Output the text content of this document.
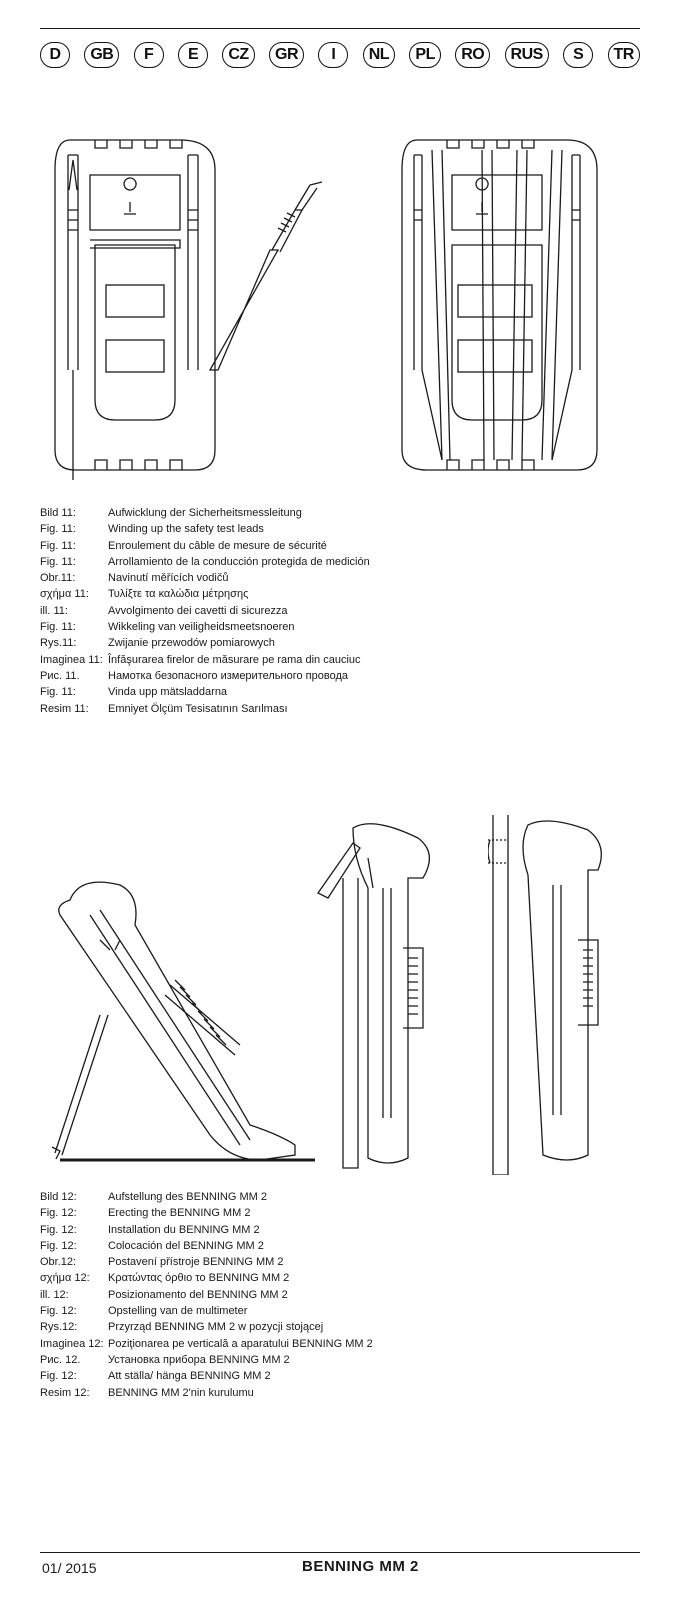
D	GB	F	E	CZ	GR	I	NL	PL	RO	RUS	S	TR
Bild 11:	Aufwicklung der Sicherheitsmessleitung
Fig. 11:	Winding up the safety test leads
Fig. 11:	Enroulement du câble de mesure de sécurité
Fig. 11:	Arrollamiento de la conducción protegida de medición
Obr.11:	Navinutí měřících vodičů
σχήμα 11:	Τυλίξτε τα καλώδια μέτρησης
ill. 11:	Avvolgimento dei cavetti di sicurezza
Fig. 11:	Wikkeling van veiligheidsmeetsnoeren
Rys.11:	Zwijanie przewodów pomiarowych
Imaginea 11: Înfăşurarea firelor de măsurare pe rama din cauciuc
Рис. 11.	Намотка безопасного измерительного провода
Fig. 11:	Vinda upp mätsladdarna
Resim 11:	Emniyet Ölçüm Tesisatının Sarılması
Bild 12:	Aufstellung des BENNING MM 2
Fig. 12:	Erecting the BENNING MM 2
Fig. 12:	Installation du BENNING MM 2
Fig. 12:	Colocación del BENNING MM 2
Obr.12:	Postavení přístroje BENNING MM 2
σχήμα 12:	Κρατώντας όρθιο το BENNING MM 2
ill. 12:	Posizionamento del BENNING MM 2
Fig. 12:	Opstelling van de multimeter
Rys.12:	Przyrząd BENNING MM 2 w pozycji stojącej
Imaginea 12: Poziţionarea pe verticală a aparatului BENNING MM 2
Рис. 12.	Установка прибора BENNING MM 2
Fig. 12:	Att ställa/ hänga BENNING MM 2
Resim 12:	BENNING MM 2'nin kurulumu
01/ 2015	BENNING MM 2
